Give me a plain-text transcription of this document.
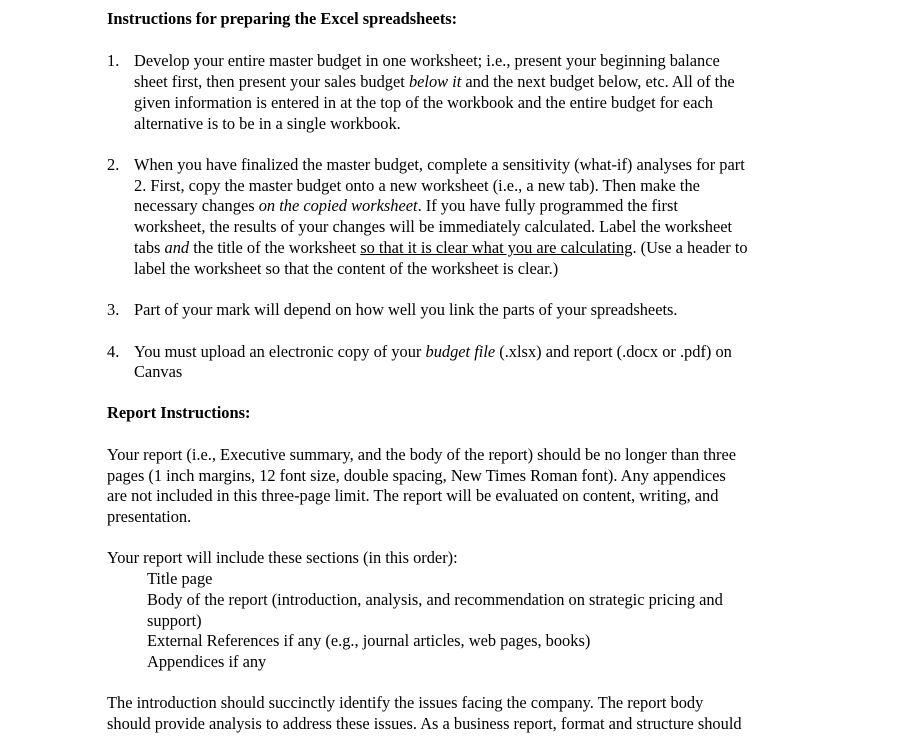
Instructions for preparing the Excel spreadsheets:
1. Develop your entire master budget in one worksheet; i.e., present your beginning balance
sheet first, then present your sales budget below it and the next budget below, etc. All of the
given information is entered in at the top of the workbook and the entire budget for each
alternative is to be in a single workbook.
2. When you have finalized the master budget, complete a sensitivity (what-if) analyses for part
2. First, copy the master budget onto a new worksheet (i.e., a new tab). Then make the
necessary changes on the copied worksheet. If you have fully programmed the first
worksheet, the results of your changes will be immediately calculated. Label the worksheet
tabs and the title of the worksheet so that it is clear what you are calculating. (Use a header to
label the worksheet so that the content of the worksheet is clear.)
3. Part of your mark will depend on how well you link the parts of your spreadsheets.
4. You must upload an electronic copy of your budget file (.xlsx) and report (.docx or .pdf) on
Canvas
Report Instructions:
Your report (i.e., Executive summary, and the body of the report) should be no longer than three
pages (1 inch margins, 12 font size, double spacing, New Times Roman font). Any appendices
are not included in this three-page limit. The report will be evaluated on content, writing, and
presentation.
Your report will include these sections (in this order):
Title page
Body of the report (introduction, analysis, and recommendation on strategic pricing and
support)
External References if any (e.g., journal articles, web pages, books)
Appendices if any
The introduction should succinctly identify the issues facing the company. The report body
should provide analysis to address these issues. As a business report, format and structure should
